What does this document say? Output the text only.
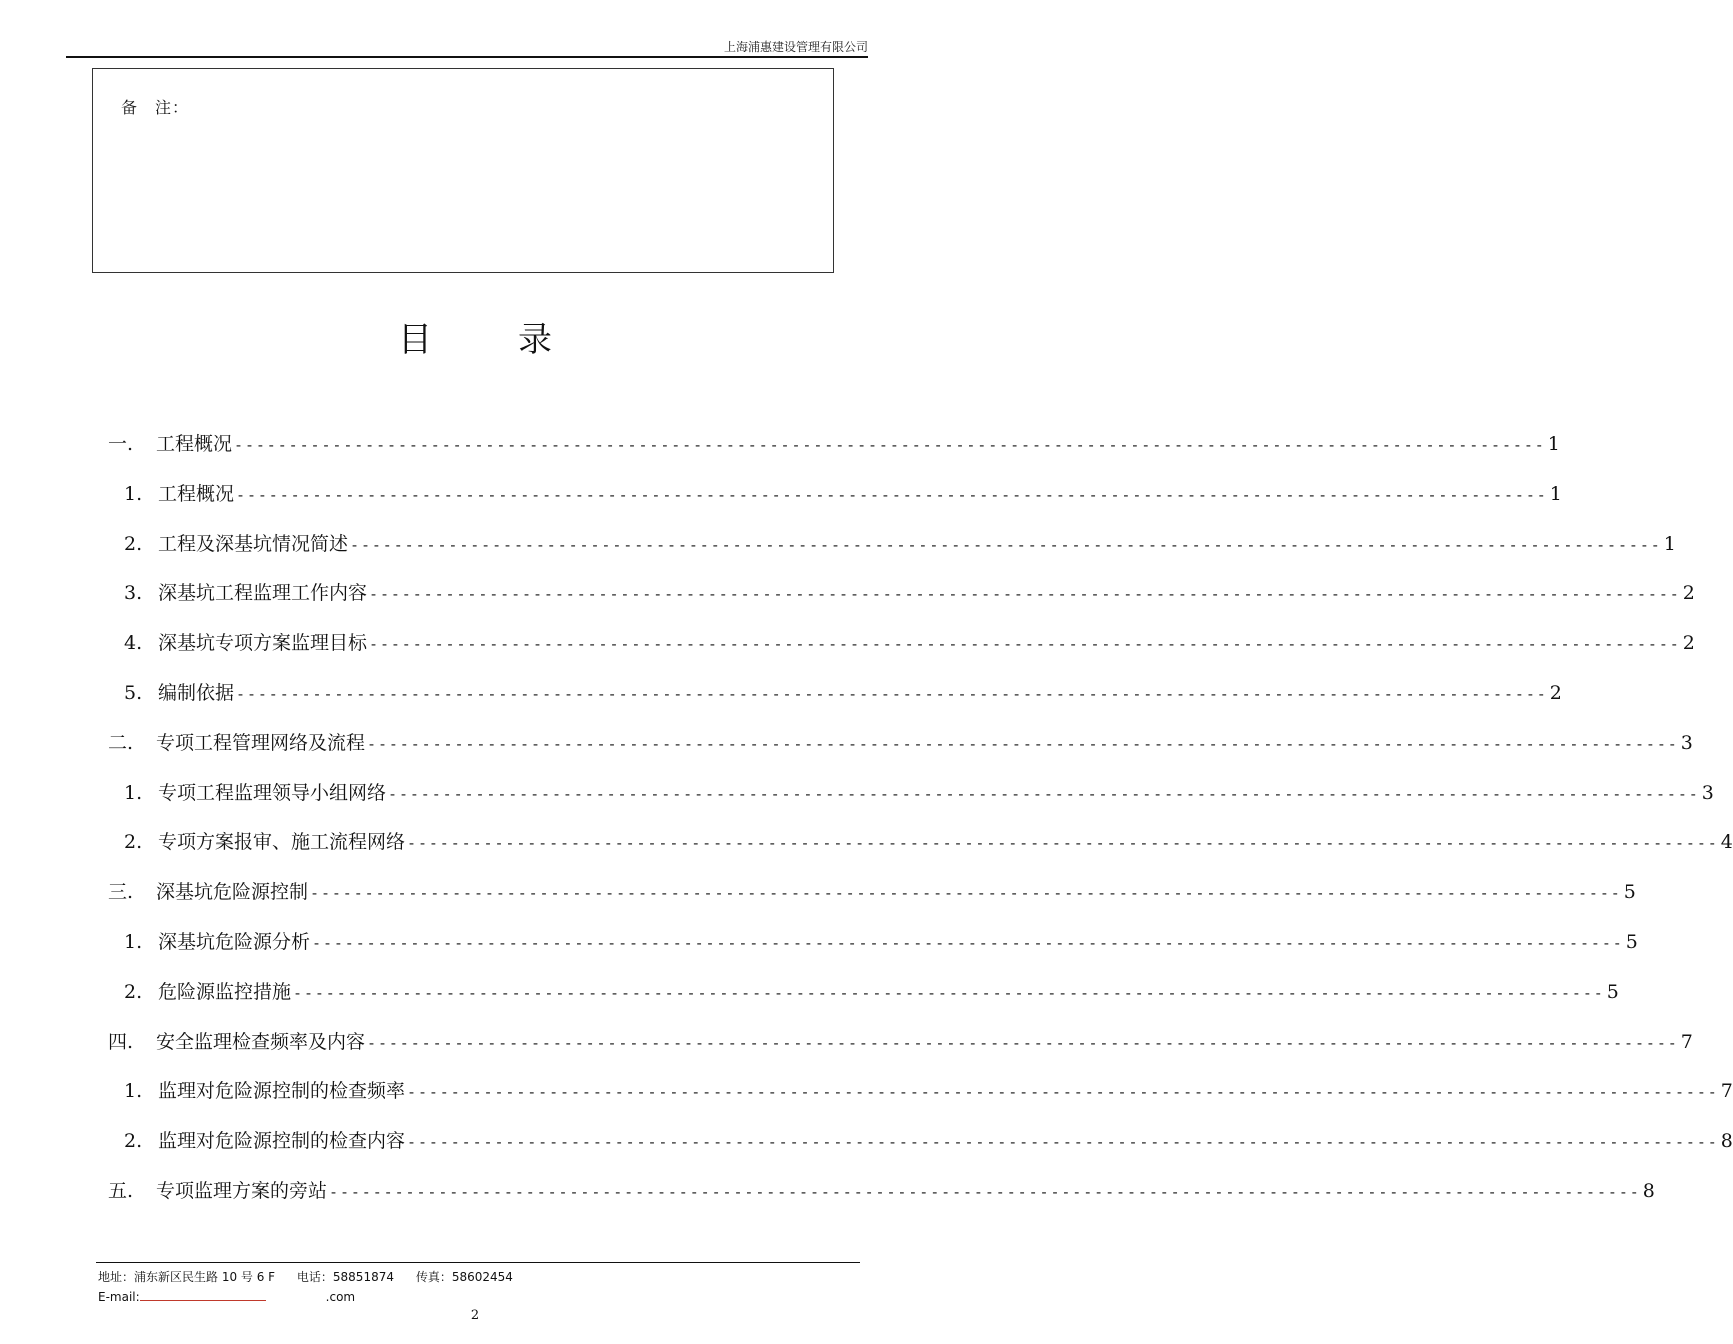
上海浦惠建设管理有限公司
备　注：
目	录
一.	工程概况 ------------------------------------------------------------------------------------------------------------------------ 1
1. 工程概况 ------------------------------------------------------------------------------------------------------------------------ 1
2. 工程及深基坑情况简述 ------------------------------------------------------------------------------------------------------------------------ 1
3. 深基坑工程监理工作内容 ------------------------------------------------------------------------------------------------------------------------ 2
4. 深基坑专项方案监理目标 ------------------------------------------------------------------------------------------------------------------------ 2
5. 编制依据 ------------------------------------------------------------------------------------------------------------------------ 2
二.	专项工程管理网络及流程 ------------------------------------------------------------------------------------------------------------------------ 3
1. 专项工程监理领导小组网络 ------------------------------------------------------------------------------------------------------------------------ 3
2. 专项方案报审、施工流程网络 ------------------------------------------------------------------------------------------------------------------------ 4
三.	深基坑危险源控制 ------------------------------------------------------------------------------------------------------------------------ 5
1. 深基坑危险源分析 ------------------------------------------------------------------------------------------------------------------------ 5
2. 危险源监控措施 ------------------------------------------------------------------------------------------------------------------------ 5
四.	安全监理检查频率及内容 ------------------------------------------------------------------------------------------------------------------------ 7
1. 监理对危险源控制的检查频率 ------------------------------------------------------------------------------------------------------------------------ 7
2. 监理对危险源控制的检查内容 ------------------------------------------------------------------------------------------------------------------------ 8
五.	专项监理方案的旁站 ------------------------------------------------------------------------------------------------------------------------ 8
地址：浦东新区民生路 10 号 6 F 电话：58851874 传真：58602454
E-mail:	.com
2
